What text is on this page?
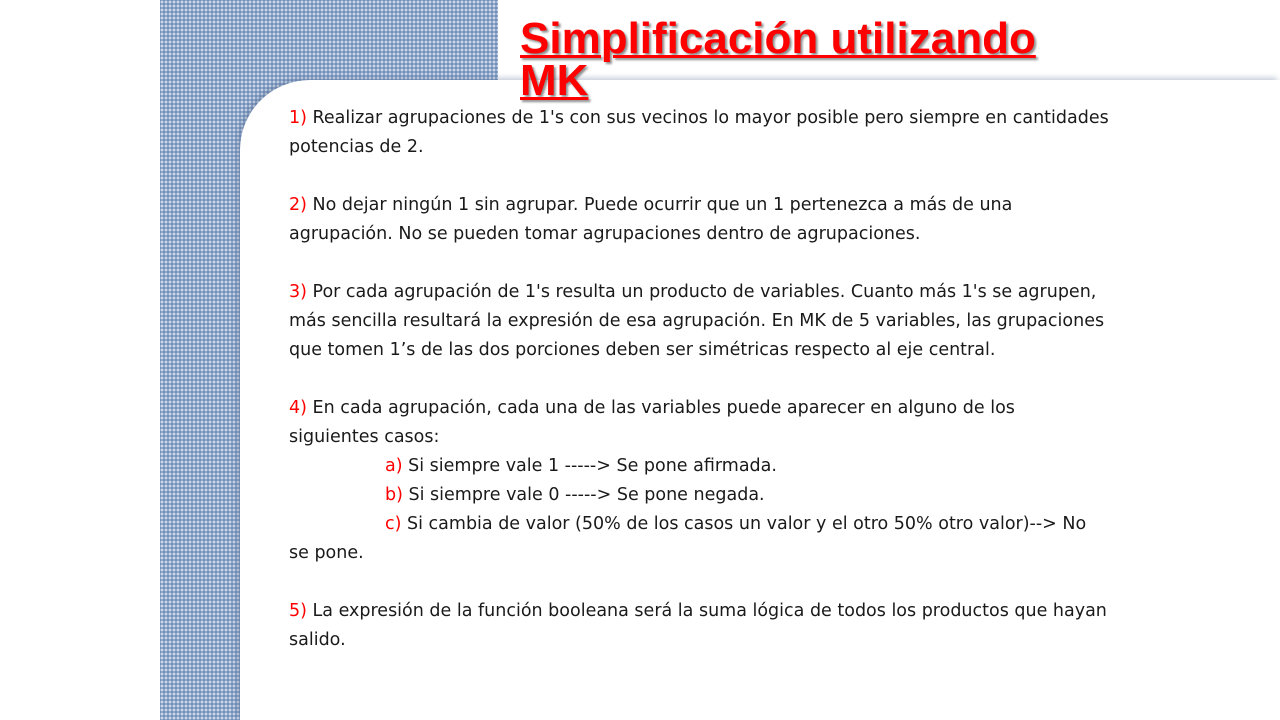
Simplificación utilizando MK

1) Realizar agrupaciones de 1's con sus vecinos lo mayor posible pero siempre en cantidades potencias de 2.

2) No dejar ningún 1 sin agrupar. Puede ocurrir que un 1 pertenezca a más de una
agrupación. No se pueden tomar agrupaciones dentro de agrupaciones.

3) Por cada agrupación de 1's resulta un producto de variables. Cuanto más 1's se agrupen, más sencilla resultará la expresión de esa agrupación. En MK de 5 variables, las grupaciones que tomen 1’s de las dos porciones deben ser simétricas respecto al eje central.

4) En cada agrupación, cada una de las variables puede aparecer en alguno de los siguientes casos:

a) Si siempre vale 1 -----> Se pone afirmada.

b) Si siempre vale 0 -----> Se pone negada.

c) Si cambia de valor (50% de los casos un valor y el otro 50% otro valor)--> No se pone.

5) La expresión de la función booleana será la suma lógica de todos los productos que hayan salido.
